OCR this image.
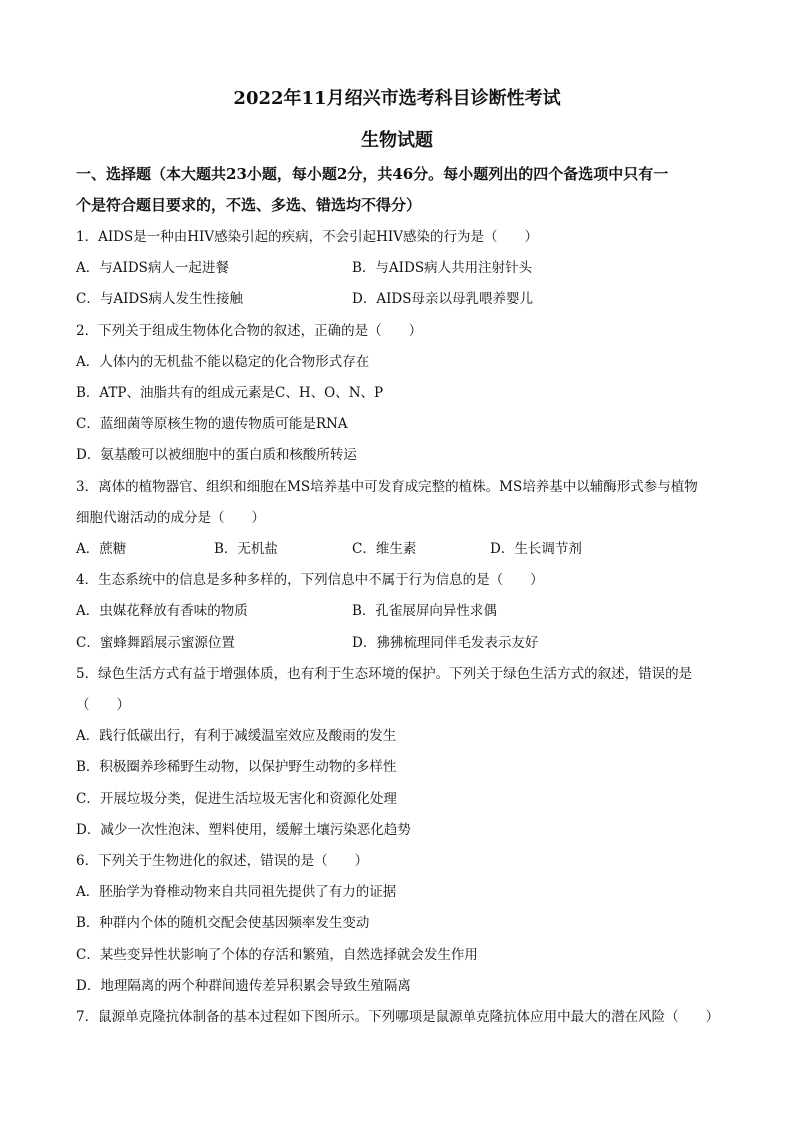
2022年11月绍兴市选考科目诊断性考试
生物试题
一、选择题（本大题共23小题，每小题2分，共46分。每小题列出的四个备选项中只有一
个是符合题目要求的，不选、多选、错选均不得分）
1．AIDS是一种由HIV感染引起的疾病，不会引起HIV感染的行为是（　　）
A．与AIDS病人一起进餐	B．与AIDS病人共用注射针头
C．与AIDS病人发生性接触	D．AIDS母亲以母乳喂养婴儿
2．下列关于组成生物体化合物的叙述，正确的是（　　）
A．人体内的无机盐不能以稳定的化合物形式存在
B．ATP、油脂共有的组成元素是C、H、O、N、P
C．蓝细菌等原核生物的遗传物质可能是RNA
D．氨基酸可以被细胞中的蛋白质和核酸所转运
3．离体的植物器官、组织和细胞在MS培养基中可发育成完整的植株。MS培养基中以辅酶形式参与植物
细胞代谢活动的成分是（　　）
A．蔗糖	B．无机盐	C．维生素	D．生长调节剂
4．生态系统中的信息是多种多样的，下列信息中不属于行为信息的是（　　）
A．虫媒花释放有香味的物质	B．孔雀展屏向异性求偶
C．蜜蜂舞蹈展示蜜源位置	D．狒狒梳理同伴毛发表示友好
5．绿色生活方式有益于增强体质，也有利于生态环境的保护。下列关于绿色生活方式的叙述，错误的是
（　　）
A．践行低碳出行，有利于减缓温室效应及酸雨的发生
B．积极圈养珍稀野生动物，以保护野生动物的多样性
C．开展垃圾分类，促进生活垃圾无害化和资源化处理
D．减少一次性泡沫、塑料使用，缓解土壤污染恶化趋势
6．下列关于生物进化的叙述，错误的是（　　）
A．胚胎学为脊椎动物来自共同祖先提供了有力的证据
B．种群内个体的随机交配会使基因频率发生变动
C．某些变异性状影响了个体的存活和繁殖，自然选择就会发生作用
D．地理隔离的两个种群间遗传差异积累会导致生殖隔离
7．鼠源单克隆抗体制备的基本过程如下图所示。下列哪项是鼠源单克隆抗体应用中最大的潜在风险（　　）
